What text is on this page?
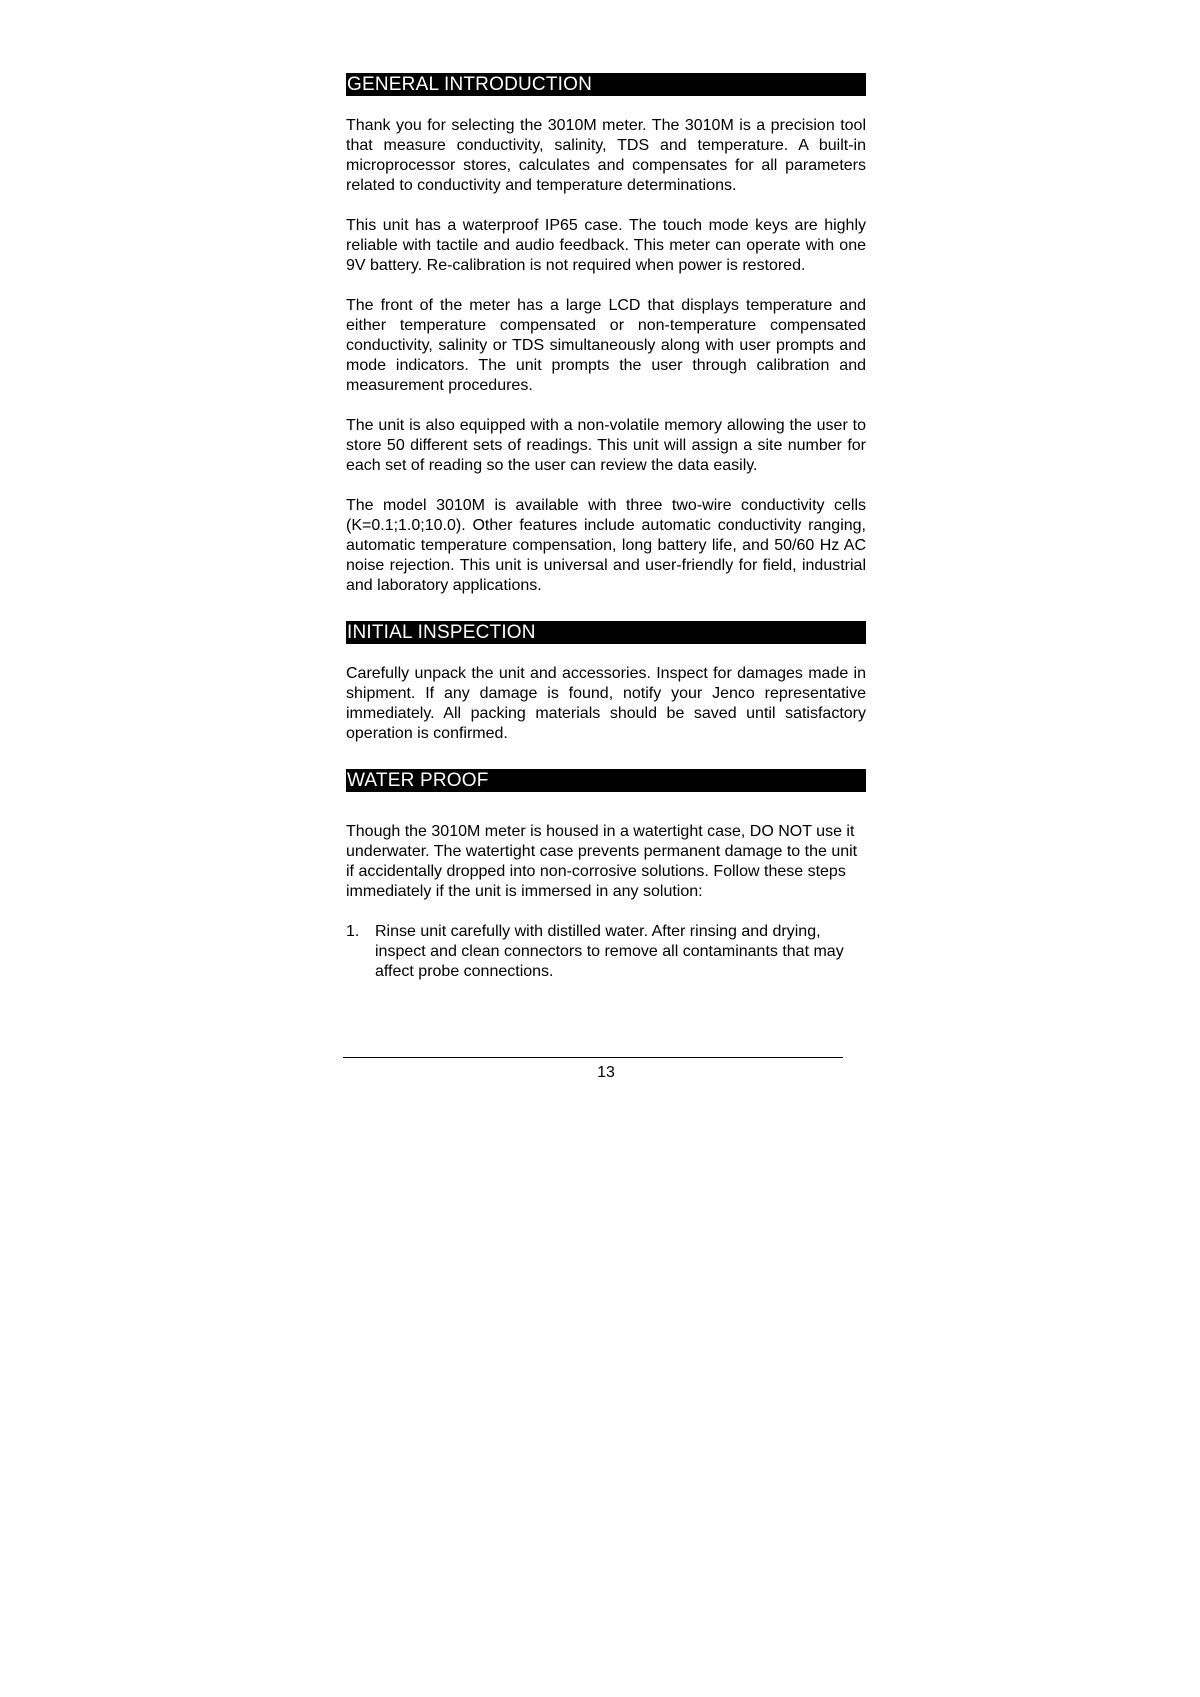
GENERAL INTRODUCTION

Thank you for selecting the 3010M meter. The 3010M is a precision tool that measure conductivity, salinity, TDS and temperature. A built-in microprocessor stores, calculates and compensates for all parameters related to conductivity and temperature determinations.

This unit has a waterproof IP65 case. The touch mode keys are highly reliable with tactile and audio feedback. This meter can operate with one 9V battery. Re-calibration is not required when power is restored.

The front of the meter has a large LCD that displays temperature and either temperature compensated or non-temperature compensated conductivity, salinity or TDS simultaneously along with user prompts and mode indicators. The unit prompts the user through calibration and measurement procedures.

The unit is also equipped with a non-volatile memory allowing the user to store 50 different sets of readings. This unit will assign a site number for each set of reading so the user can review the data easily.

The model 3010M is available with three two-wire conductivity cells (K=0.1;1.0;10.0). Other features include automatic conductivity ranging, automatic temperature compensation, long battery life, and 50/60 Hz AC noise rejection. This unit is universal and user-friendly for field, industrial and laboratory applications.

INITIAL INSPECTION

Carefully unpack the unit and accessories. Inspect for damages made in shipment. If any damage is found, notify your Jenco representative immediately. All packing materials should be saved until satisfactory operation is confirmed.

WATER PROOF

Though the 3010M meter is housed in a watertight case, DO NOT use it underwater. The watertight case prevents permanent damage to the unit if accidentally dropped into non-corrosive solutions. Follow these steps immediately if the unit is immersed in any solution:

1. Rinse unit carefully with distilled water. After rinsing and drying, inspect and clean connectors to remove all contaminants that may affect probe connections.
13
